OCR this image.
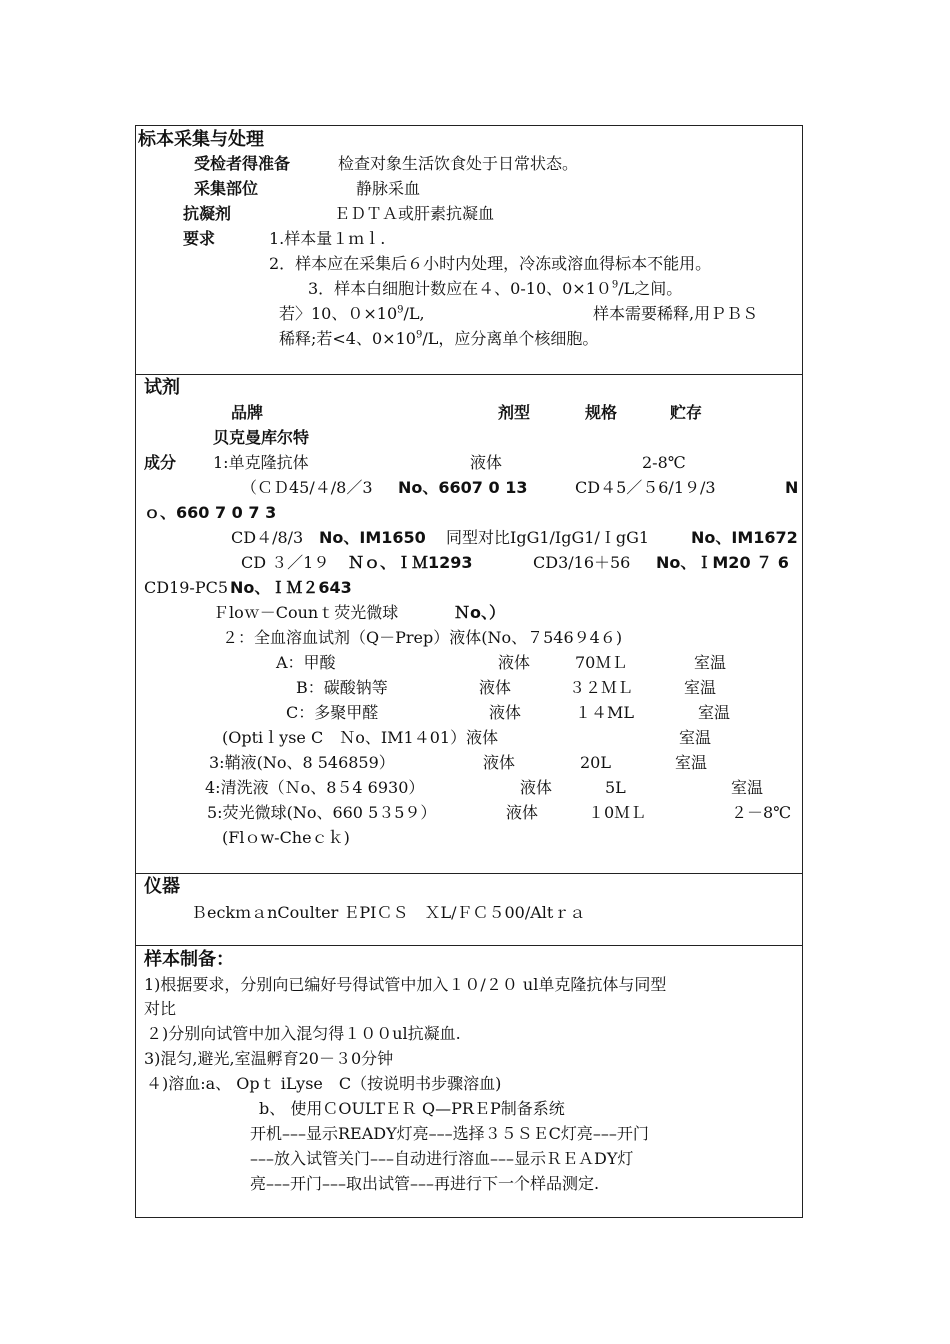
标本采集与处理
受检者得准备	检查对象生活饮食处于日常状态。
采集部位	静脉采血
抗凝剂	ＥＤＴＡ或肝素抗凝血
要求	1.样本量１ｍｌ.
2．样本应在采集后６小时内处理，冷冻或溶血得标本不能用。
3．样本白细胞计数应在４、0-10、$0\times 10^9/L$之间。
若〉10、$0\times 10^9/L$,	样本需要稀释,用ＰＢＳ
稀释;若<4、$0\times 10^9/L$，应分离单个核细胞。
试剂
品牌	剂型	规格	贮存
贝克曼库尔特
成分 1:单克隆抗体	液体	2-8℃
（ＣＤ45/４/8／3 No、6607 0 13	CD４5／５6/1９/3	N
ｏ、660 7 0 7 3
CD４/8/3 No、IM1650 同型对比IgG1/IgG1/ＩgG1	No、IM1672
CD ３／1９ Ｎｏ、ＩＭ1293	CD3/16＋56 No、ＩM20 ７ 6
CD19-PC5 No、ＩＭ２643
Ｆloｗ－Counｔ荧光微球	Ｎo、）
２：全血溶血试剂（Q－Prep）液体(No、７546９4６)
A：甲酸	液体	70ＭＬ	室温
B：碳酸钠等	液体	３２ＭＬ	室温
C：多聚甲醛	液体	１４ML	室温
(Optiｌyse C　Ｎo、IM1４01）液体	室温
3:鞘液(No、8 546859）	液体	20L	室温
4:清洗液（Ｎo、8５4 6930）	液体	5L	室温
5:荧光微球(No、660 5３5９）	液体	１0ＭＬ	２－8℃
(Flｏw-Cheｃｋ)
仪器
ＢeckｍａnCoulter ＥPIＣＳ　ＸL/ＦＣ５00/Altｒａ
样本制备：
1)根据要求，分别向已编好号得试管中加入１０/２０ ul单克隆抗体与同型
对比
２)分别向试管中加入混匀得１００ul抗凝血.
3)混匀,避光,室温孵育20－３0分钟
４)溶血:a、 Opｔ iLyse　C（按说明书步骤溶血)
b、 使用ＣOULTＥＲ Q—PRＥP制备系统
开机–––显示READY灯亮–––选择３５ＳＥC灯亮–––开门
–––放入试管关门–––自动进行溶血–––显示ＲＥＡDY灯
亮–––开门–––取出试管–––再进行下一个样品测定.
